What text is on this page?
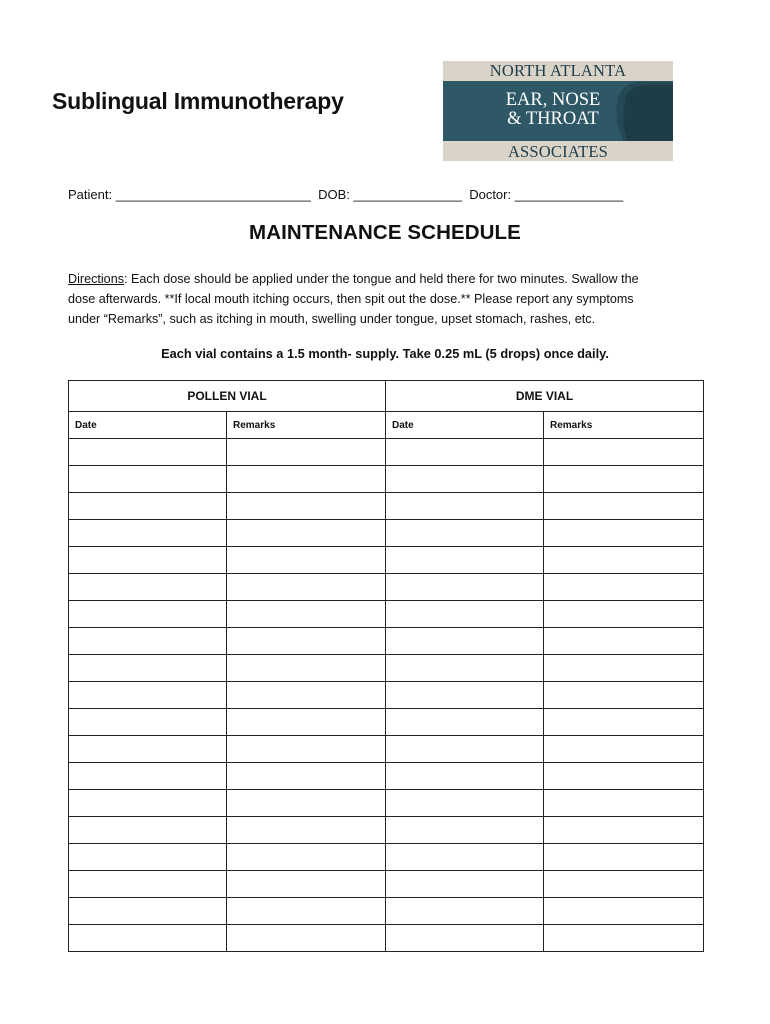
Sublingual Immunotherapy
NORTH ATLANTA
EAR, NOSE
& THROAT
ASSOCIATES
Patient: ___________________________  DOB: _______________  Doctor: _______________
MAINTENANCE SCHEDULE

Directions: Each dose should be applied under the tongue and held there for two minutes. Swallow the

dose afterwards. **If local mouth itching occurs, then spit out the dose.** Please report any symptoms

under “Remarks”, such as itching in mouth, swelling under tongue, upset stomach, rashes, etc.

Each vial contains a 1.5 month- supply. Take 0.25 mL (5 drops) once daily.
POLLEN VIAL		DME VIAL	
Date	Remarks	Date	Remarks
